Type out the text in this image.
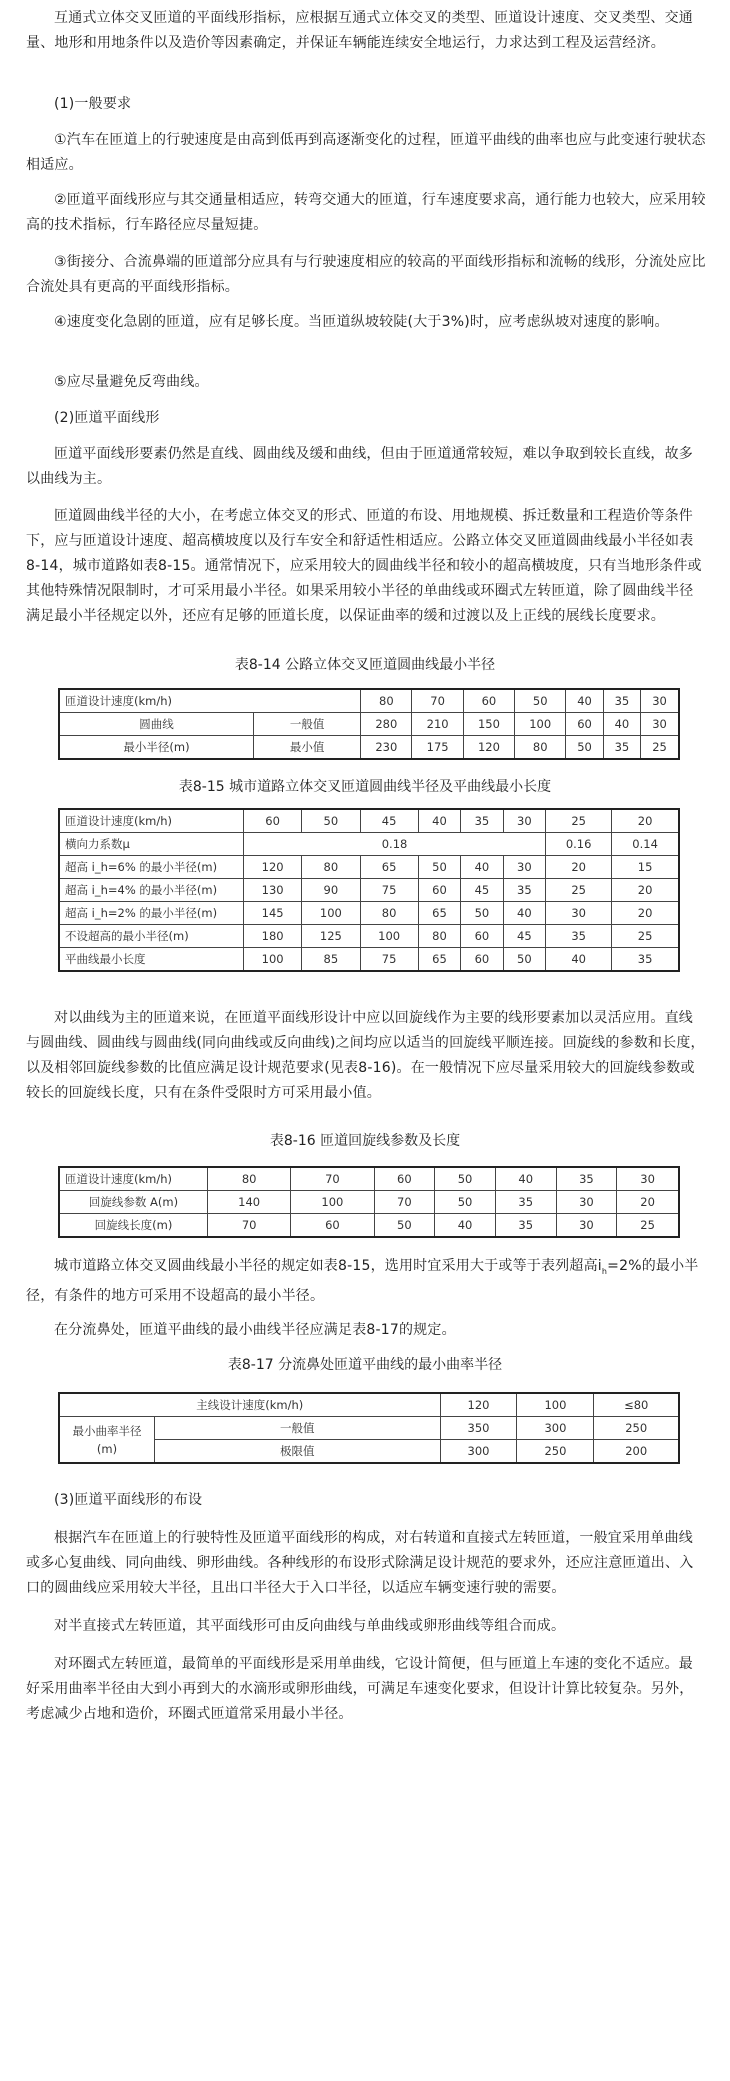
互通式立体交叉匝道的平面线形指标，应根据互通式立体交叉的类型、匝道设计速度、交叉类型、交通量、地形和用地条件以及造价等因素确定，并保证车辆能连续安全地运行，力求达到工程及运营经济。

(1)一般要求

①汽车在匝道上的行驶速度是由高到低再到高逐渐变化的过程，匝道平曲线的曲率也应与此变速行驶状态相适应。

②匝道平面线形应与其交通量相适应，转弯交通大的匝道，行车速度要求高，通行能力也较大，应采用较高的技术指标，行车路径应尽量短捷。

③街接分、合流鼻端的匝道部分应具有与行驶速度相应的较高的平面线形指标和流畅的线形，分流处应比合流处具有更高的平面线形指标。

④速度变化急剧的匝道，应有足够长度。当匝道纵坡较陡(大于3%)时，应考虑纵坡对速度的影响。

⑤应尽量避免反弯曲线。

(2)匝道平面线形

匝道平面线形要素仍然是直线、圆曲线及缓和曲线，但由于匝道通常较短，难以争取到较长直线，故多以曲线为主。

匝道圆曲线半径的大小，在考虑立体交叉的形式、匝道的布设、用地规模、拆迁数量和工程造价等条件下，应与匝道设计速度、超高横坡度以及行车安全和舒适性相适应。公路立体交叉匝道圆曲线最小半径如表8-14，城市道路如表8-15。通常情况下，应采用较大的圆曲线半径和较小的超高横坡度，只有当地形条件或其他特殊情况限制时，才可采用最小半径。如果采用较小半径的单曲线或环圈式左转匝道，除了圆曲线半径满足最小半径规定以外，还应有足够的匝道长度，以保证曲率的缓和过渡以及上正线的展线长度要求。

表8-14 公路立体交叉匝道圆曲线最小半径

匝道设计速度(km/h)		80	70	60	50	40	35	30
圆曲线	一般值	280	210	150	100	60	40	30
最小半径(m)	最小值	230	175	120	80	50	35	25

表8-15 城市道路立体交叉匝道圆曲线半径及平曲线最小长度

匝道设计速度(km/h)	60	50	45	40	35	30	25	20
横向力系数μ	0.18						0.16	0.14
超高 i_h=6% 的最小半径(m)	120	80	65	50	40	30	20	15
超高 i_h=4% 的最小半径(m)	130	90	75	60	45	35	25	20
超高 i_h=2% 的最小半径(m)	145	100	80	65	50	40	30	20
不设超高的最小半径(m)	180	125	100	80	60	45	35	25
平曲线最小长度	100	85	75	65	60	50	40	35

对以曲线为主的匝道来说，在匝道平面线形设计中应以回旋线作为主要的线形要素加以灵活应用。直线与圆曲线、圆曲线与圆曲线(同向曲线或反向曲线)之间均应以适当的回旋线平顺连接。回旋线的参数和长度，以及相邻回旋线参数的比值应满足设计规范要求(见表8-16)。在一般情况下应尽量采用较大的回旋线参数或较长的回旋线长度，只有在条件受限时方可采用最小值。

表8-16 匝道回旋线参数及长度

匝道设计速度(km/h)	80	70	60	50	40	35	30
回旋线参数 A(m)	140	100	70	50	35	30	20
回旋线长度(m)	70	60	50	40	35	30	25

城市道路立体交叉圆曲线最小半径的规定如表8-15，选用时宜采用大于或等于表列超高$i_h=2\%$的最小半径，有条件的地方可采用不设超高的最小半径。

在分流鼻处，匝道平曲线的最小曲线半径应满足表8-17的规定。

表8-17 分流鼻处匝道平曲线的最小曲率半径

主线设计速度(km/h)		120	100	≤80
最小曲率半径
(m)	一般值	350	300	250
	极限值	300	250	200

(3)匝道平面线形的布设

根据汽车在匝道上的行驶特性及匝道平面线形的构成，对右转道和直接式左转匝道，一般宜采用单曲线或多心复曲线、同向曲线、卵形曲线。各种线形的布设形式除满足设计规范的要求外，还应注意匝道出、入口的圆曲线应采用较大半径，且出口半径大于入口半径，以适应车辆变速行驶的需要。

对半直接式左转匝道，其平面线形可由反向曲线与单曲线或卵形曲线等组合而成。

对环圈式左转匝道，最简单的平面线形是采用单曲线，它设计简便，但与匝道上车速的变化不适应。最好采用曲率半径由大到小再到大的水滴形或卵形曲线，可满足车速变化要求，但设计计算比较复杂。另外，考虑减少占地和造价，环圈式匝道常采用最小半径。
